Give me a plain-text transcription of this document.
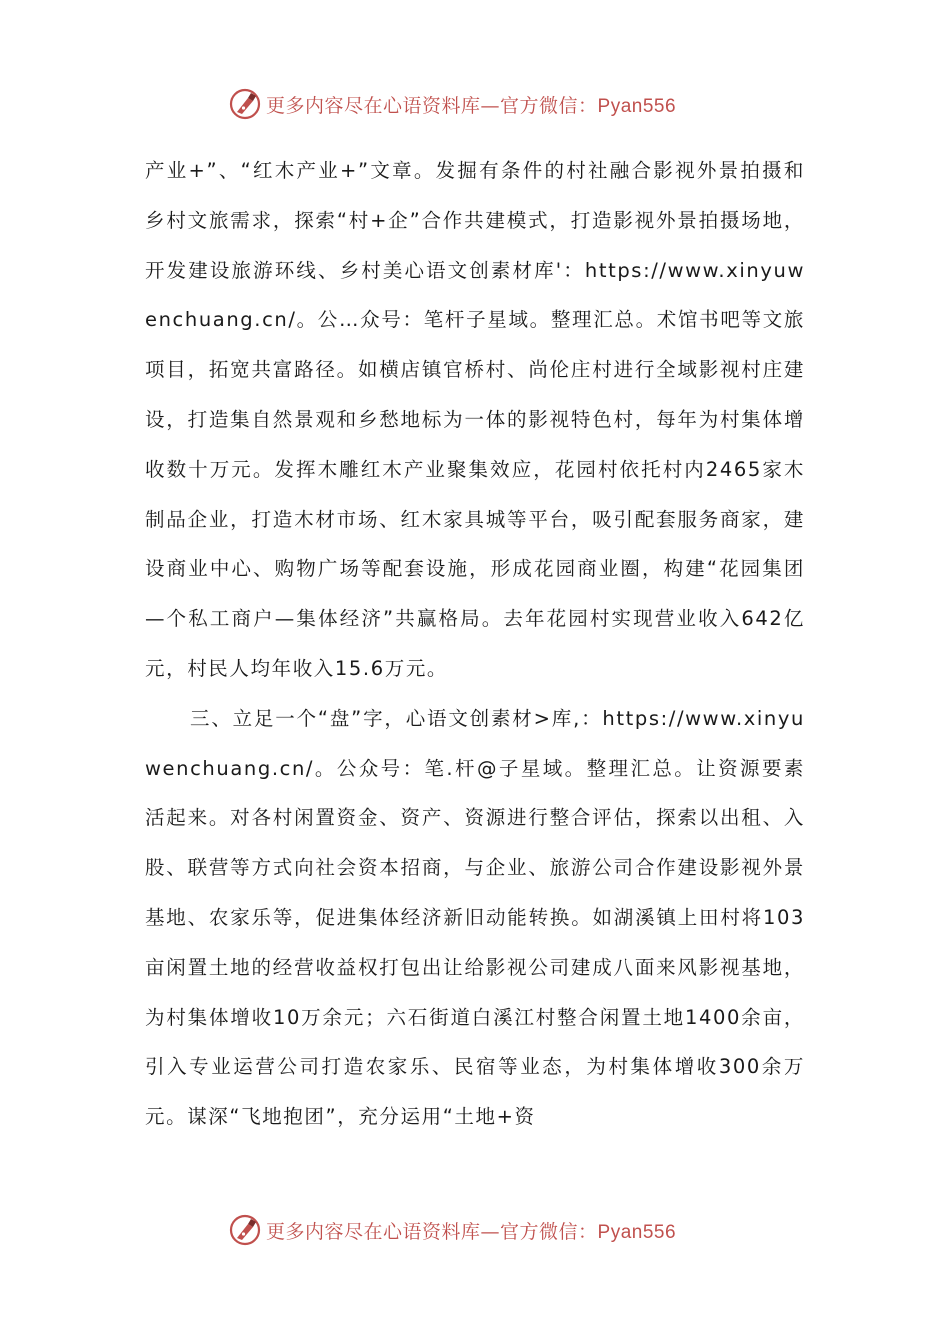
更多内容尽在心语资料库—官方微信：Pyan556

产业+”、“红木产业+”文章。发掘有条件的村社融合影视外景拍摄和乡村文旅需求，探索“村+企”合作共建模式，打造影视外景拍摄场地，开发建设旅游环线、乡村美心语文创素材库'：https://www.xinyuwenchuang.cn/。公…众号：笔杆子星域。整理汇总。术馆书吧等文旅项目，拓宽共富路径。如横店镇官桥村、尚伦庄村进行全域影视村庄建设，打造集自然景观和乡愁地标为一体的影视特色村，每年为村集体增收数十万元。发挥木雕红木产业聚集效应，花园村依托村内2465家木制品企业，打造木材市场、红木家具城等平台，吸引配套服务商家，建设商业中心、购物广场等配套设施，形成花园商业圈，构建“花园集团—个私工商户—集体经济”共赢格局。去年花园村实现营业收入642亿元，村民人均年收入15.6万元。

三、立足一个“盘”字，心语文创素材>库,：https://www.xinyuwenchuang.cn/。公众号：笔.杆@子星域。整理汇总。让资源要素活起来。对各村闲置资金、资产、资源进行整合评估，探索以出租、入股、联营等方式向社会资本招商，与企业、旅游公司合作建设影视外景基地、农家乐等，促进集体经济新旧动能转换。如湖溪镇上田村将103亩闲置土地的经营收益权打包出让给影视公司建成八面来风影视基地，为村集体增收10万余元；六石街道白溪江村整合闲置土地1400余亩，引入专业运营公司打造农家乐、民宿等业态，为村集体增收300余万元。谋深“飞地抱团”，充分运用“土地+资

更多内容尽在心语资料库—官方微信：Pyan556
